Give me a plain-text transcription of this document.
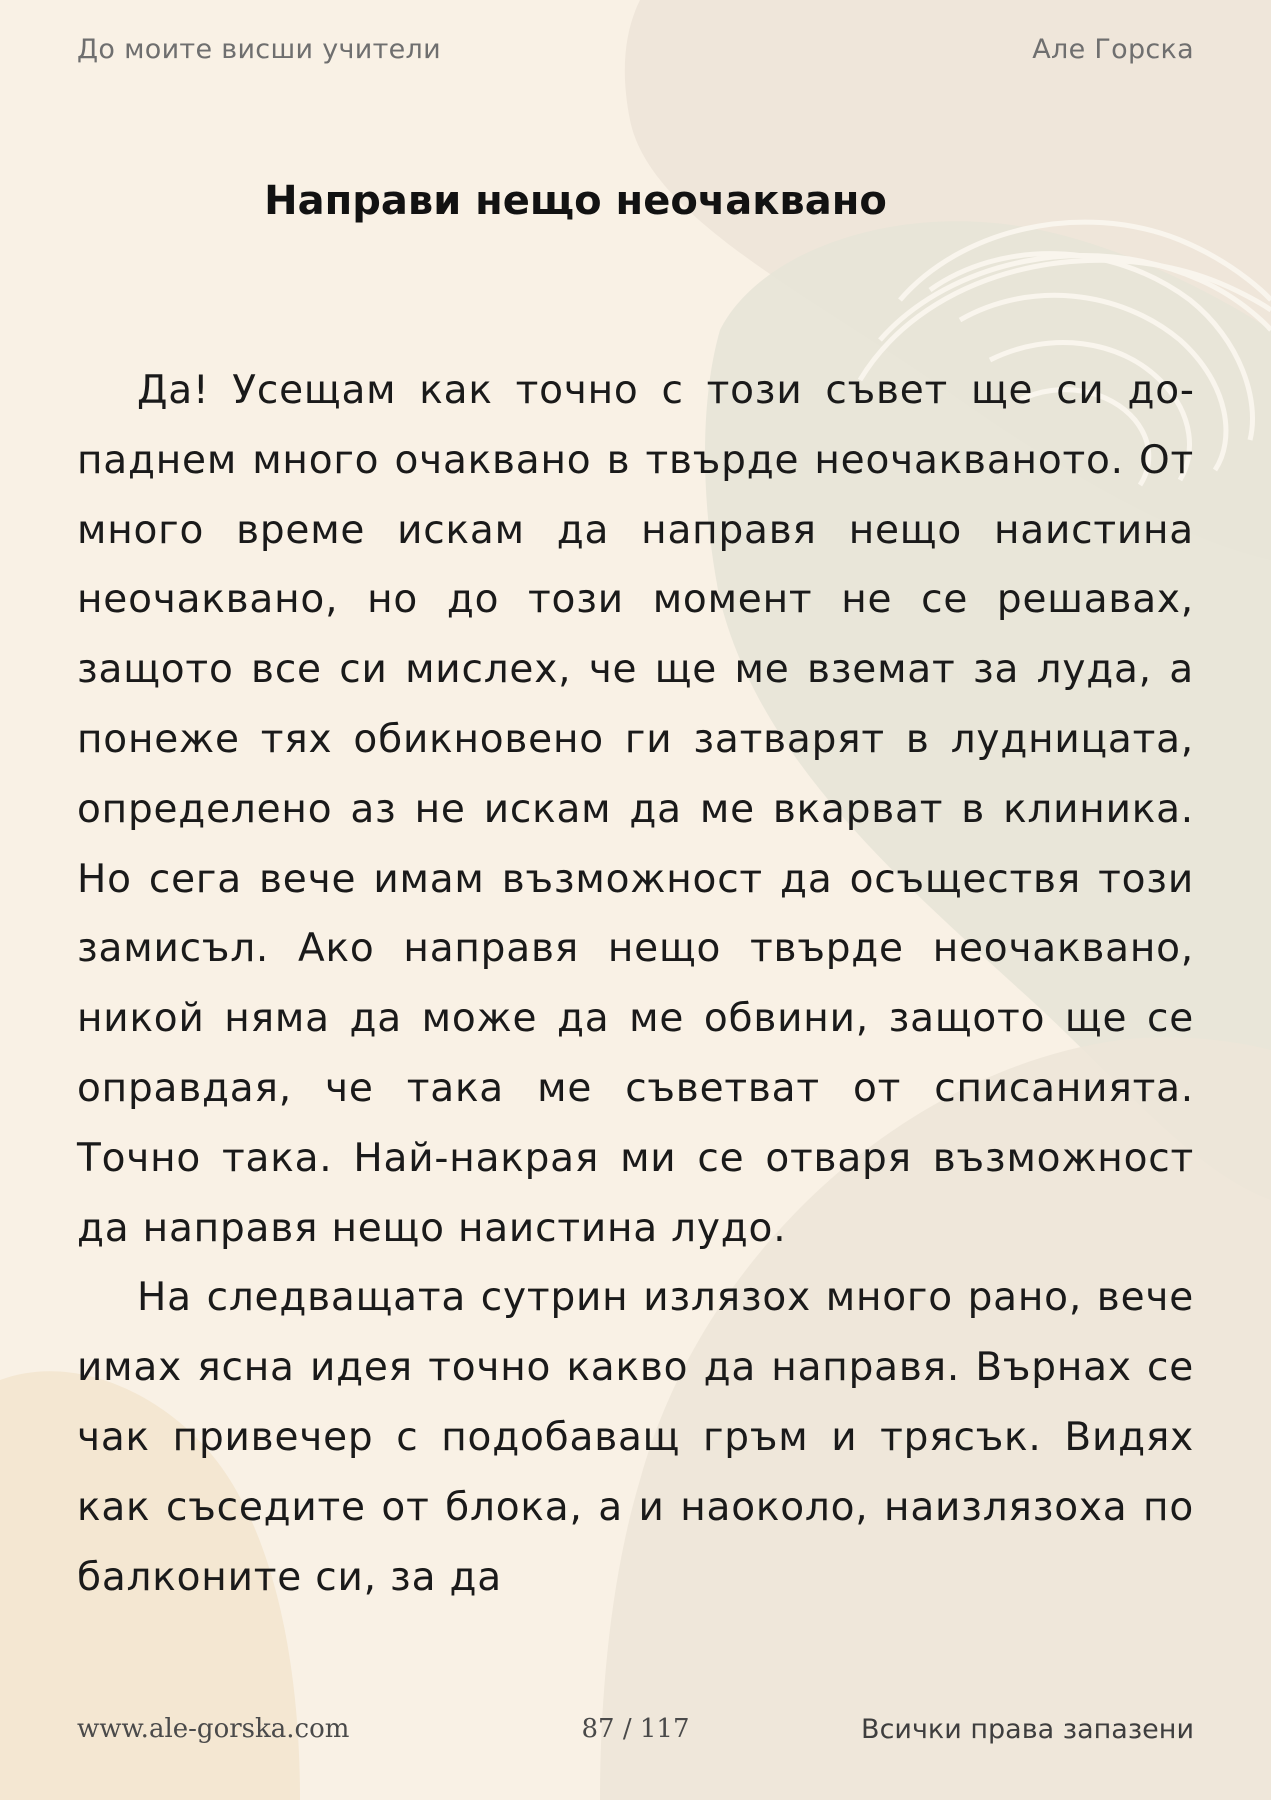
До моите висши учители	Але Горска
Направи нещо неочаквано

Да! Усещам как точно с този съвет ще си допаднем много очаквано в твърде неочакваното. От много време искам да направя нещо наистина неочаквано, но до този момент не се решавах, защото все си мислех, че ще ме вземат за луда, а понеже тях обикновено ги затварят в лудницата, определено аз не искам да ме вкарват в клиника. Но сега вече имам възможност да осъществя този замисъл. Ако направя нещо твърде неочаквано, никой няма да може да ме обвини, защото ще се оправдая, че така ме съветват от списанията. Точно така. Най-накрая ми се отваря възможност да направя нещо наистина лудо.

На следващата сутрин излязох много рано, вече имах ясна идея точно какво да направя. Върнах се чак привечер с подобаващ гръм и трясък. Видях как съседите от блока, а и наоколо, наизлязоха по балконите си, за да

www.ale-gorska.com	87 / 117	Всички права запазени
